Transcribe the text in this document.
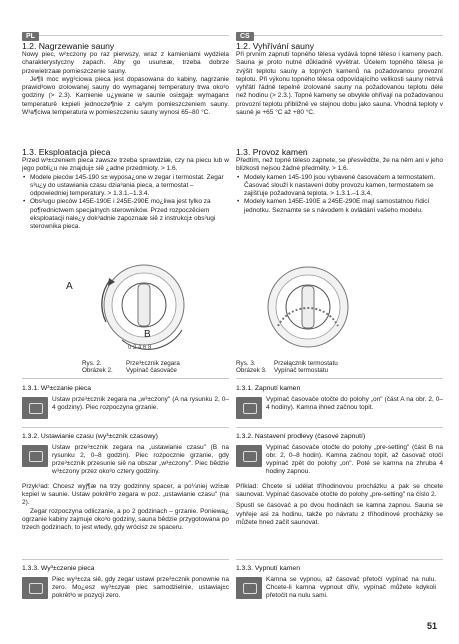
PL
1.2. Nagrzewanie sauny
Nowy piec, w²±czony po raz pierwszy, wraz z kamieniami wydziela charakterystyczny zapach. Aby go usun±æ, trzeba dobrze przewietrzaæ pomieszczenie sauny.
Je¶li moc wyg³ciowa pieca jest dopasowana do kabiny, nagrzanie prawid³owo izolowanej sauny do wymaganej temperatury trwa oko³o godziny (> 2.3). Kamienie u¿ywane w saunie osi±gaj± wymagan± temperaturê k±pieli jednocze¶nie z ca³ym pomieszczeniem sauny. W³a¶ciwa temperatura w pomieszczeniu sauny wynosi 65–80 °C.
1.3. Eksploatacja pieca
Przed w³±czeniem pieca zawsze trzeba sprawdziæ, czy na piecu lub w jego pobli¿u nie znajduj± siê ¿adne przedmioty. > 1.6.
• Modele pieców 145-190 s± wyposa¿one w zegar i termostat. Zegar s³u¿y do ustawiania czasu dzia³ania pieca, a termostat – odpowiedniej temperatury. > 1.3.1.–1.3.4.
• Obs³ugu pieców 145E-190E i 245E-290E mo¿liwa jest tylko za po¶rednictwem specjalnych sterowników. Przed rozpoczêciem eksploatacji nale¿y dok³adnie zapoznaæ siê z instrukcj± obs³ugi sterownika pieca.
0 2 4 6 8
A
B
Rys. 2.
Obrázek 2.
Prze³±cznik zegara
Vypínač časovače
1.3.1. W³±czanie pieca
Ustaw prze³±cznik zegara na „w³±czony" (A na rysunku 2, 0–4 godziny). Piec rozpoczyna grzanie.
1.3.2. Ustawianie czasu (wy³±cznik czasowy)
Ustaw prze³±cznik zegara na „ustawianie czasu" (B na rysunku 2, 0–8 godzin). Piec rozpocznie grzanie, gdy prze³±cznik przesunie siê na obszar „w³±czony". Piec bêdzie w³±czony przez oko³o cztery godziny.
Przyk³ad: Chcesz wyj¶æ na trzy godzinny spacer, a po¼niej wzi±æ k±piel w saunie. Ustaw pokrêt³o zegara w poz. „ustawianie czasu" (na 2).
Zegar rozpoczyna odliczanie, a po 2 godzinach – grzanie. Poniewa¿ ogrzanie kabiny zajmuje oko³o godziny, sauna bêdzie przygotowana po trzech godzinach, to jest wtedy, gdy wrócisz ze spaceru.
1.3.3. Wy³±czenie pieca
Piec wy³±cza siê, gdy zegar ustawi prze³±cznik ponownie na zero. Mo¿esz wy³±czyæ piec samodzielnie, ustawiaj±c pokrêt³o w pozycji zero.
CS
1.2. Vyhřívání sauny
Při prvním zapnutí topného tělesa vydává topné těleso i kameny pach. Sauna je proto nutné důkladně vyvětrat. Účelem topného tělesa je zvýšit teplotu sauny a topných kamenů na požadovanou provozní teplotu. Při výkonu topného tělesa odpovídajícího velikosti sauny netrvá vyhřátí řádně tepelně izolované sauny na požadovanou teplotu déle než hodinu (> 2.3.). Topné kameny se obvykle ohřívají na požadovanou provozní teplotu přibližně ve stejnou dobu jako sauna. Vhodná teploty v sauně je +65 °C až +80 °C.
1.3. Provoz kamen
Předtím, než topné těleso zapnete, se přesvědčte, že na něm ani v jeho blízkosti nejsou žádné předměty. > 1.6.
• Modely kamen 145-190 jsou vybavené časovačem a termostatem. Časovač slouží k nastavení doby provozu kamen, termostatem se zajišťuje požadovaná teplota. > 1.3.1.–1.3.4.
• Modely kamen 145E-190E a 245E-290E mají samostatnou řídicí jednotku. Seznamte se s návodem k ovládání vašeho modelu.
Rys. 3.
Obrázek 3.
Przełącznik termostatu
Vypínač termostatu
1.3.1. Zapnutí kamen
Vypínač časovače otočte do polohy „on" (část A na obr. 2, 0–4 hodiny). Kamna ihned začnou topit.
1.3.2. Nastavení prodlevy (časové zapnutí)
Vypínač časovače otočte do polohy „pre-setting" (část B na obr. 2, 0–8 hodin). Kamna začnou topit, až časovač otočí vypínač zpět do polohy „on". Poté se kamna na zhruba 4 hodiny zapnou.
Příklad: Chcete si udělat tříhodinovou procházku a pak se chcete saunovat. Vypínač časovače otočte do polohy „pre-setting" na číslo 2.
Spustí se časovač a po dvou hodinách se kamna zapnou. Sauna se vyhřeje asi za hodinu, takže po návratu z tříhodinové procházky se můžete hned začít saunovat.
1.3.3. Vypnutí kamen
Kamna se vypnou, až časovač přetočí vypínač na nulu. Chcete-li kamna vypnout dřív, vypínač můžete kdykoli přetočit na nulu sami.
51
